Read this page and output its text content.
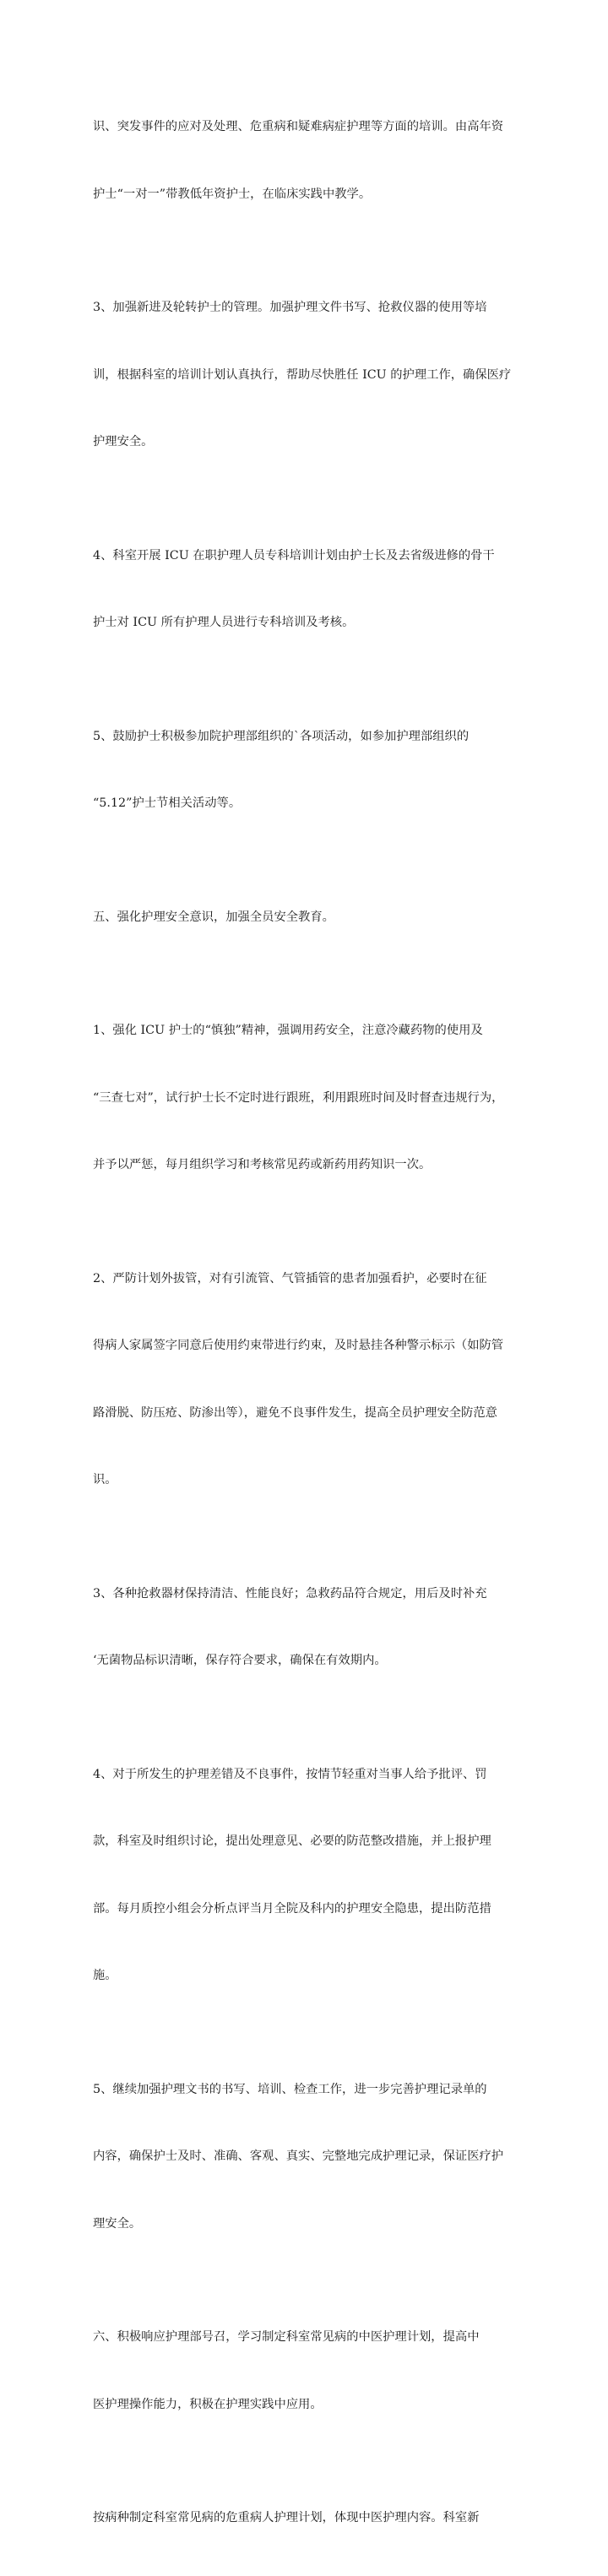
识、突发事件的应对及处理、危重病和疑难病症护理等方面的培训。由高年资

护士“一对一”带教低年资护士，在临床实践中教学。

3、加强新进及轮转护士的管理。加强护理文件书写、抢救仪器的使用等培

训，根据科室的培训计划认真执行，帮助尽快胜任 ICU 的护理工作，确保医疗

护理安全。

4、科室开展 ICU 在职护理人员专科培训计划由护士长及去省级进修的骨干

护士对 ICU 所有护理人员进行专科培训及考核。

5、鼓励护士积极参加院护理部组织的`各项活动，如参加护理部组织的

“5.12”护士节相关活动等。

五、强化护理安全意识，加强全员安全教育。

1、强化 ICU 护士的“慎独”精神，强调用药安全，注意冷藏药物的使用及

“三查七对”，试行护士长不定时进行跟班，利用跟班时间及时督查违规行为，

并予以严惩，每月组织学习和考核常见药或新药用药知识一次。

2、严防计划外拔管，对有引流管、气管插管的患者加强看护，必要时在征

得病人家属签字同意后使用约束带进行约束，及时悬挂各种警示标示（如防管

路滑脱、防压疮、防渗出等），避免不良事件发生，提高全员护理安全防范意

识。

3、各种抢救器材保持清洁、性能良好；急救药品符合规定，用后及时补充

‘无菌物品标识清晰，保存符合要求，确保在有效期内。

4、对于所发生的护理差错及不良事件，按情节轻重对当事人给予批评、罚

款，科室及时组织讨论，提出处理意见、必要的防范整改措施，并上报护理

部。每月质控小组会分析点评当月全院及科内的护理安全隐患，提出防范措

施。

5、继续加强护理文书的书写、培训、检查工作，进一步完善护理记录单的

内容，确保护士及时、准确、客观、真实、完整地完成护理记录，保证医疗护

理安全。

六、积极响应护理部号召，学习制定科室常见病的中医护理计划，提高中

医护理操作能力，积极在护理实践中应用。

按病种制定科室常见病的危重病人护理计划，体现中医护理内容。科室新
